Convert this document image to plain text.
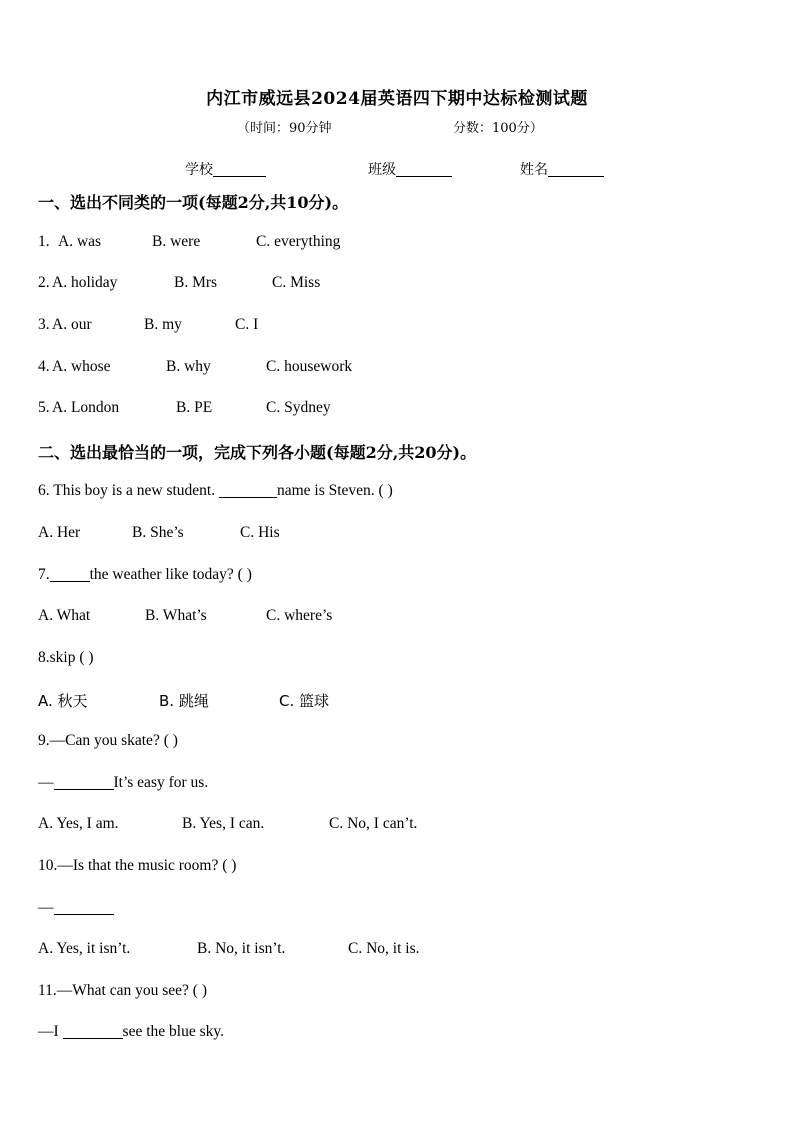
内江市威远县2024届英语四下期中达标检测试题
（时间：90分钟	分数：100分）
学校	班级	姓名
一、选出不同类的一项(每题2分,共10分)。
1. A. was	B. were	C. everything
2. A. holiday	B. Mrs	C. Miss
3. A. our	B. my	C. I
4. A. whose	B. why	C. housework
5. A. London	B. PE	C. Sydney
二、选出最恰当的一项，完成下列各小题(每题2分,共20分)。
6. This boy is a new student.	name is Steven. ( )
A. Her	B. She’s	C. His
7.	the weather like today? ( )
A. What	B. What’s	C. where’s
8.skip ( )
A. 秋天	B. 跳绳	C. 篮球
9.—Can you skate? ( )
—	It’s easy for us.
A. Yes, I am.	B. Yes, I can.	C. No, I can’t.
10.—Is that the music room? ( )
—
A. Yes, it isn’t.	B. No, it isn’t.	C. No, it is.
11.—What can you see? ( )
—I	see the blue sky.
